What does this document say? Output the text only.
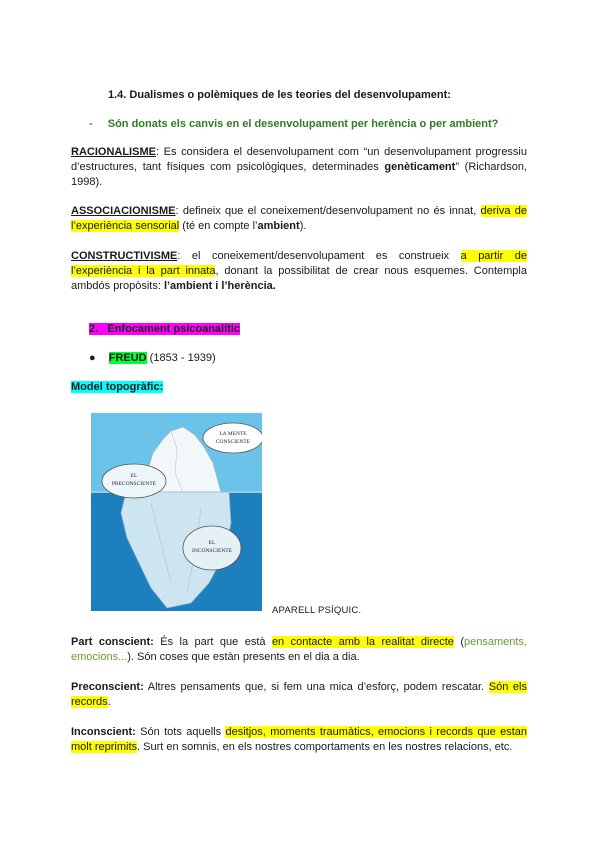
1.4. Dualismes o polèmiques de les teories del desenvolupament:
- Són donats els canvis en el desenvolupament per herència o per ambient?
RACIONALISME: Es considera el desenvolupament com “un desenvolupament progressiu d’estructures, tant físiques com psicològiques, determinades genèticament” (Richardson, 1998).
ASSOCIACIONISME: defineix que el coneixement/desenvolupament no és innat, deriva de l’experiència sensorial (té en compte l’ambient).
CONSTRUCTIVISME: el coneixement/desenvolupament es construeix a partir de l’experiència i la part innata, donant la possibilitat de crear nous esquemes. Contempla ambdós propòsits: l’ambient i l’herència.
2. Enfocament psicoanalític
● FREUD (1853 - 1939)
Model topogràfic:
LA MENTE
CONSCIENTE
EL
PRECONSCIENTE
EL
INCONSCIENTE
APARELL PSÍQUIC.
Part conscient: És la part que està en contacte amb la realitat directe (pensaments, emocions...). Són coses que estàn presents en el dia a dia.
Preconscient: Altres pensaments que, si fem una mica d’esforç, podem rescatar. Són els records.
Inconscient: Són tots aquells desitjos, moments traumàtics, emocions i records que estan molt reprimits. Surt en somnis, en els nostres comportaments en les nostres relacions, etc.
